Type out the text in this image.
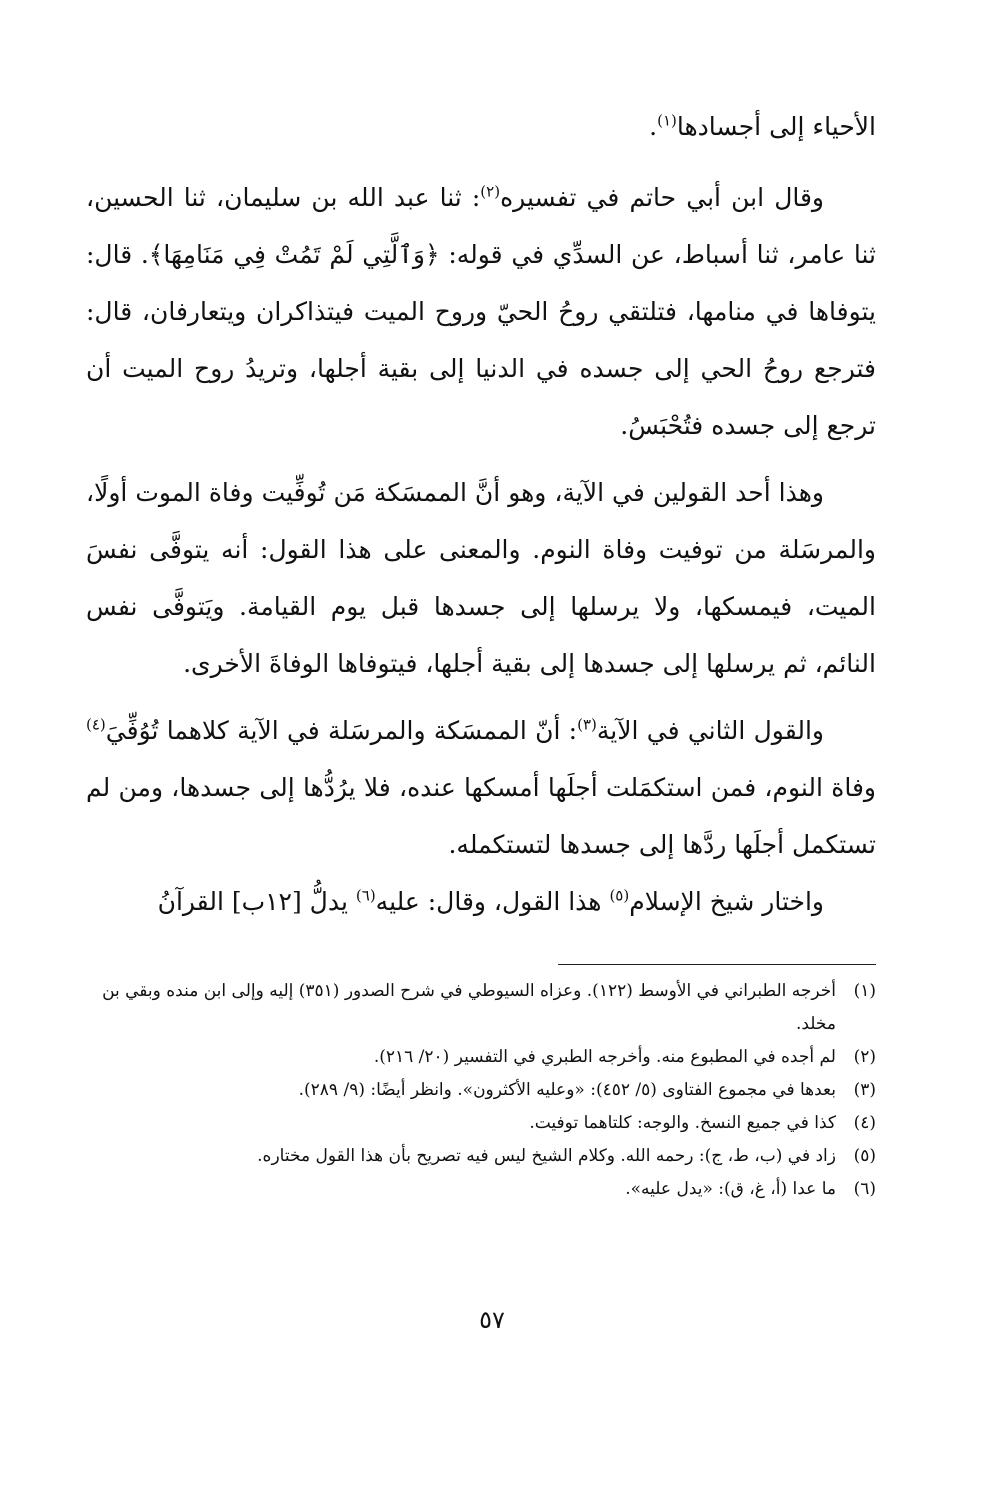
الأحياء إلى أجسادها$^{(١)}$.

وقال ابن أبي حاتم في تفسيره$^{(٢)}$: ثنا عبد الله بن سليمان، ثنا الحسين، ثنا عامر، ثنا أسباط، عن السدِّي في قوله: ﴿وَٱلَّتِي لَمْ تَمُتْ فِي مَنَامِهَا﴾. قال: يتوفاها في منامها، فتلتقي روحُ الحيّ وروح الميت فيتذاكران ويتعارفان، قال: فترجع روحُ الحي إلى جسده في الدنيا إلى بقية أجلها، وتريدُ روح الميت أن ترجع إلى جسده فتُحْبَسُ.

وهذا أحد القولين في الآية، وهو أنَّ الممسَكة مَن تُوفِّيت وفاة الموت أولًا، والمرسَلة من توفيت وفاة النوم. والمعنى على هذا القول: أنه يتوفَّى نفسَ الميت، فيمسكها، ولا يرسلها إلى جسدها قبل يوم القيامة. ويَتوفَّى نفس النائم، ثم يرسلها إلى جسدها إلى بقية أجلها، فيتوفاها الوفاةَ الأخرى.

والقول الثاني في الآية$^{(٣)}$: أنّ الممسَكة والمرسَلة في الآية كلاهما تُوُفِّيَ$^{(٤)}$ وفاة النوم، فمن استكمَلت أجلَها أمسكها عنده، فلا يرُدُّها إلى جسدها، ومن لم تستكمل أجلَها ردَّها إلى جسدها لتستكمله.

واختار شيخ الإسلام$^{(٥)}$ هذا القول، وقال: عليه$^{(٦)}$ يدلُّ [١٢ب] القرآنُ

(١)
أخرجه الطبراني في الأوسط (١٢٢). وعزاه السيوطي في شرح الصدور (٣٥١) إليه وإلى ابن منده وبقي بن مخلد.
(٢)
لم أجده في المطبوع منه. وأخرجه الطبري في التفسير (٢٠/ ٢١٦).
(٣)
بعدها في مجموع الفتاوى (٥/ ٤٥٢): «وعليه الأكثرون». وانظر أيضًا: (٩/ ٢٨٩).
(٤)
كذا في جميع النسخ. والوجه: كلتاهما توفيت.
(٥)
زاد في (ب، ط، ج): رحمه الله. وكلام الشيخ ليس فيه تصريح بأن هذا القول مختاره.
(٦)
ما عدا (أ، غ، ق): «يدل عليه».
٥٧
